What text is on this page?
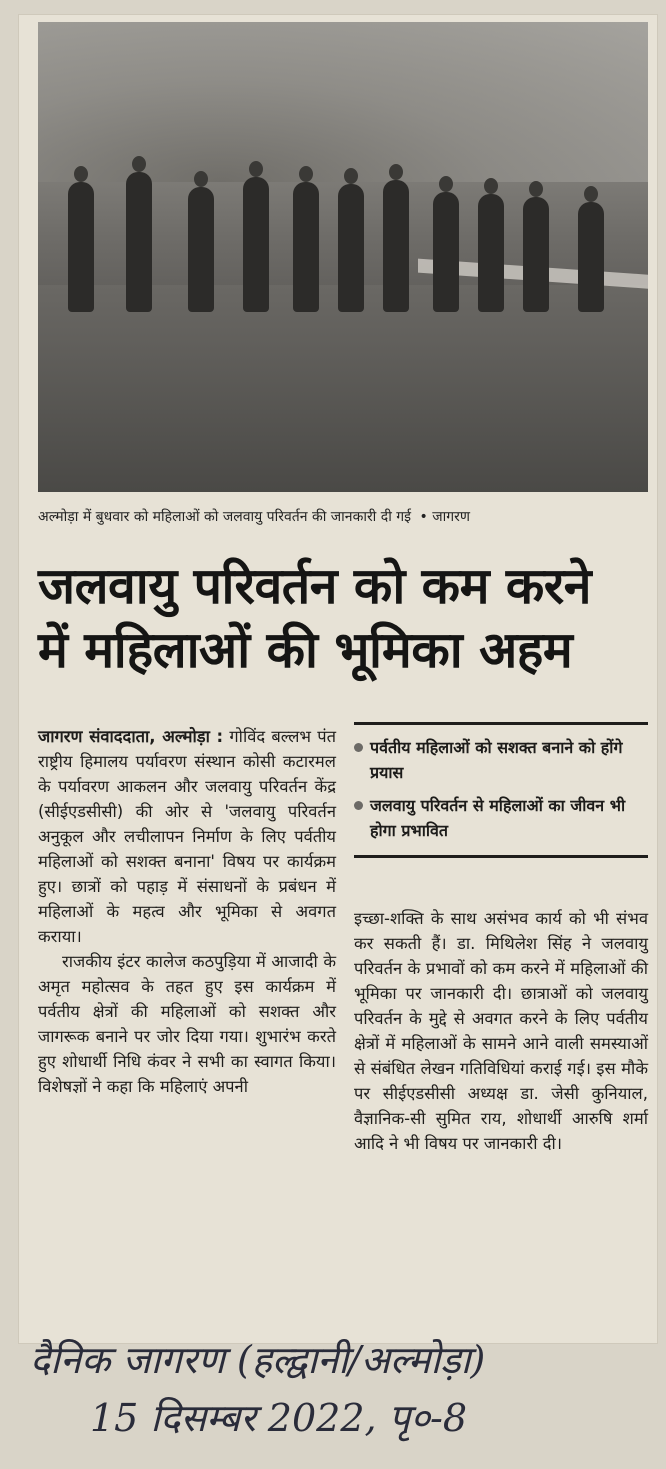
अल्मोड़ा में बुधवार को महिलाओं को जलवायु परिवर्तन की जानकारी दी गई • जागरण
जलवायु परिवर्तन को कम करने
में महिलाओं की भूमिका अहम

जागरण संवाददाता, अल्मोड़ा : गोविंद बल्लभ पंत राष्ट्रीय हिमालय पर्यावरण संस्थान कोसी कटारमल के पर्यावरण आकलन और जलवायु परिवर्तन केंद्र (सीईएडसीसी) की ओर से 'जलवायु परिवर्तन अनुकूल और लचीलापन निर्माण के लिए पर्वतीय महिलाओं को सशक्त बनाना' विषय पर कार्यक्रम हुए। छात्रों को पहाड़ में संसाधनों के प्रबंधन में महिलाओं के महत्व और भूमिका से अवगत कराया।

राजकीय इंटर कालेज कठपुड़िया में आजादी के अमृत महोत्सव के तहत हुए इस कार्यक्रम में पर्वतीय क्षेत्रों की महिलाओं को सशक्त और जागरूक बनाने पर जोर दिया गया। शुभारंभ करते हुए शोधार्थी निधि कंवर ने सभी का स्वागत किया। विशेषज्ञों ने कहा कि महिलाएं अपनी

पर्वतीय महिलाओं को सशक्त बनाने को होंगे प्रयास
जलवायु परिवर्तन से महिलाओं का जीवन भी होगा प्रभावित

इच्छा-शक्ति के साथ असंभव कार्य को भी संभव कर सकती हैं। डा. मिथिलेश सिंह ने जलवायु परिवर्तन के प्रभावों को कम करने में महिलाओं की भूमिका पर जानकारी दी। छात्राओं को जलवायु परिवर्तन के मुद्दे से अवगत करने के लिए पर्वतीय क्षेत्रों में महिलाओं के सामने आने वाली समस्याओं से संबंधित लेखन गतिविधियां कराई गई। इस मौके पर सीईएडसीसी अध्यक्ष डा. जेसी कुनियाल, वैज्ञानिक-सी सुमित राय, शोधार्थी आरुषि शर्मा आदि ने भी विषय पर जानकारी दी।

दैनिक जागरण (हल्द्वानी/अल्मोड़ा)
15 दिसम्बर 2022, पृ०-8
